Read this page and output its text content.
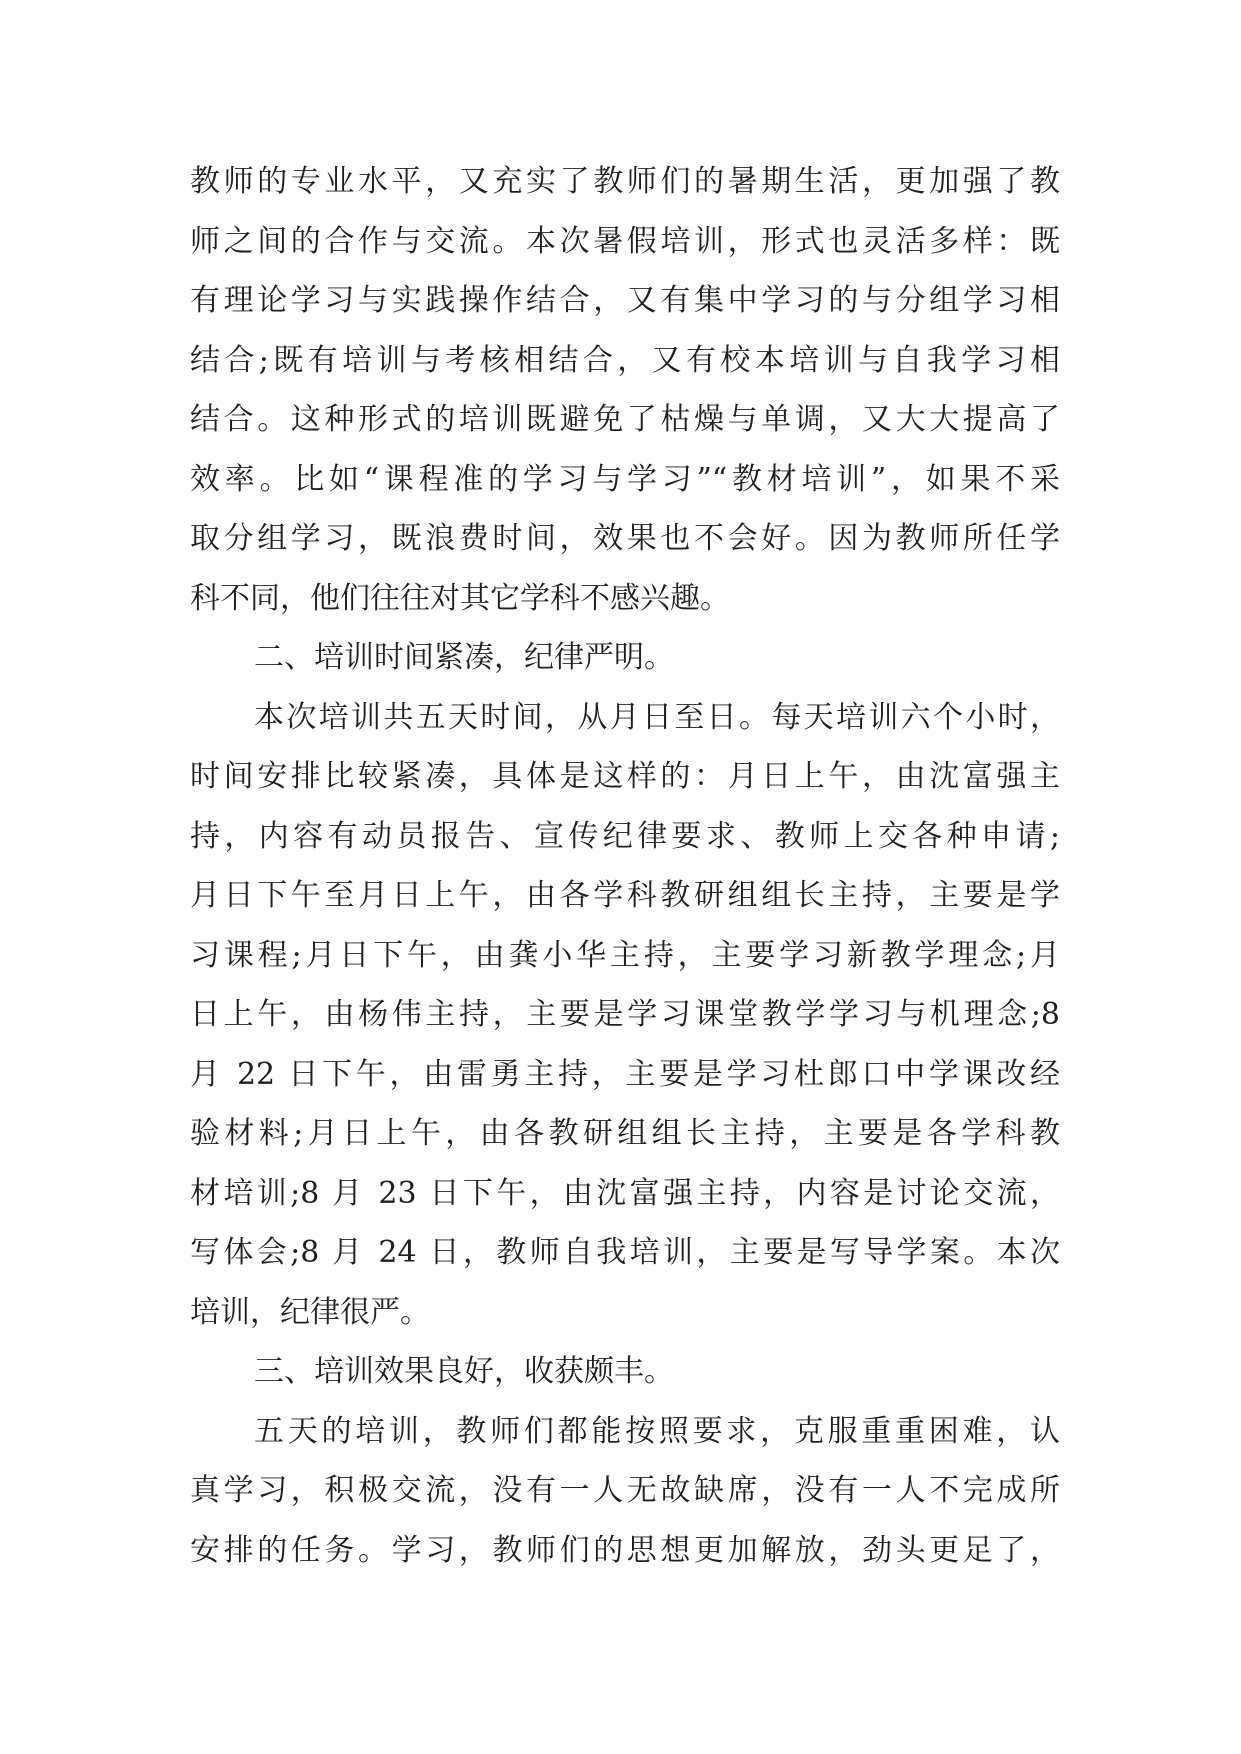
教师的专业水平，又充实了教师们的暑期生活，更加强了教
师之间的合作与交流。本次暑假培训，形式也灵活多样：既
有理论学习与实践操作结合，又有集中学习的与分组学习相
结合;既有培训与考核相结合，又有校本培训与自我学习相
结合。这种形式的培训既避免了枯燥与单调，又大大提高了
效率。比如“课程准的学习与学习”“教材培训”，如果不采
取分组学习，既浪费时间，效果也不会好。因为教师所任学
科不同，他们往往对其它学科不感兴趣。
二、培训时间紧凑，纪律严明。
本次培训共五天时间，从月日至日。每天培训六个小时，
时间安排比较紧凑，具体是这样的：月日上午，由沈富强主
持，内容有动员报告、宣传纪律要求、教师上交各种申请;
月日下午至月日上午，由各学科教研组组长主持，主要是学
习课程;月日下午，由龚小华主持，主要学习新教学理念;月
日上午，由杨伟主持，主要是学习课堂教学学习与机理念;8
月 22 日下午，由雷勇主持，主要是学习杜郎口中学课改经
验材料;月日上午，由各教研组组长主持，主要是各学科教
材培训;8 月 23 日下午，由沈富强主持，内容是讨论交流，
写体会;8 月 24 日，教师自我培训，主要是写导学案。本次
培训，纪律很严。
三、培训效果良好，收获颇丰。
五天的培训，教师们都能按照要求，克服重重困难，认
真学习，积极交流，没有一人无故缺席，没有一人不完成所
安排的任务。学习，教师们的思想更加解放，劲头更足了，
